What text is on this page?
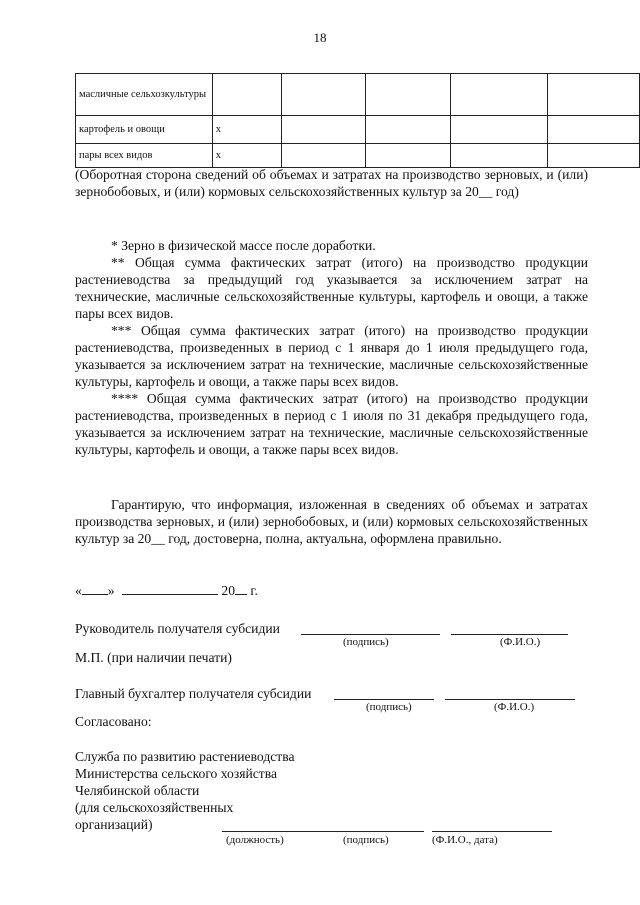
18
масличные сельхозкультуры					
картофель и овощи	х				
пары всех видов	х				

(Оборотная сторона сведений об объемах и затратах на производство зерновых, и (или) зернобобовых, и (или) кормовых сельскохозяйственных культур за 20__ год)

* Зерно в физической массе после доработки.

** Общая сумма фактических затрат (итого) на производство продукции растениеводства за предыдущий год указывается за исключением затрат на технические, масличные сельскохозяйственные культуры, картофель и овощи, а также пары всех видов.

*** Общая сумма фактических затрат (итого) на производство продукции растениеводства, произведенных в период с 1 января до 1 июля предыдущего года, указывается за исключением затрат на технические, масличные сельскохозяйственные культуры, картофель и овощи, а также пары всех видов.

**** Общая сумма фактических затрат (итого) на производство продукции растениеводства, произведенных в период с 1 июля по 31 декабря предыдущего года, указывается за исключением затрат на технические, масличные сельскохозяйственные культуры, картофель и овощи, а также пары всех видов.

Гарантирую, что информация, изложенная в сведениях об объемах и затратах производства зерновых, и (или) зернобобовых, и (или) кормовых сельскохозяйственных культур за 20__ год, достоверна, полна, актуальна, оформлена правильно.

« »	20 г.
Руководитель получателя субсидии
(подпись)	(Ф.И.О.)
М.П. (при наличии печати)
Главный бухгалтер получателя субсидии
(подпись)	(Ф.И.О.)
Согласовано:
Служба по развитию растениеводства
Министерства сельского хозяйства
Челябинской области
(для сельскохозяйственных
организаций)
(должность)	(подпись)	(Ф.И.О., дата)
